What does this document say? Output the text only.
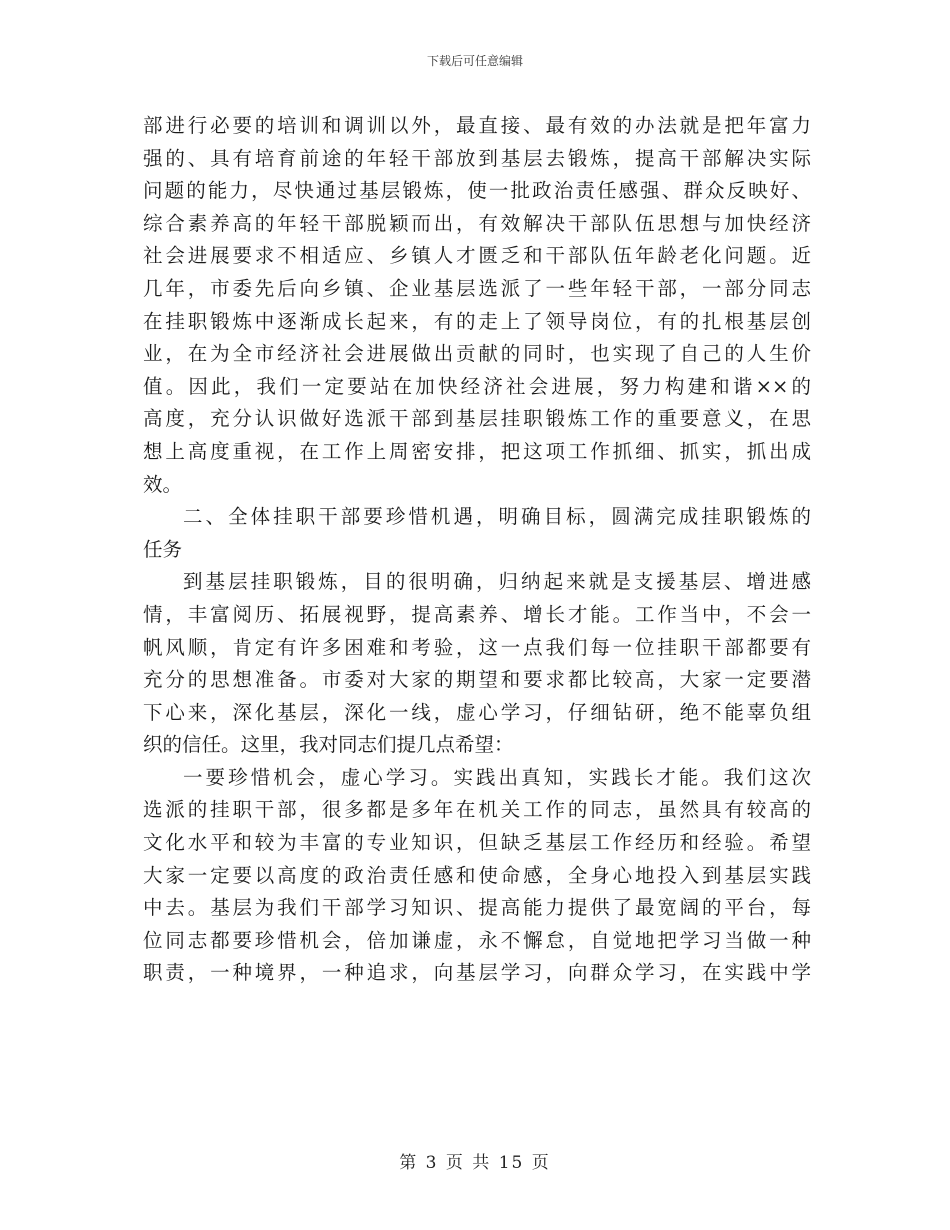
下载后可任意编辑
部进行必要的培训和调训以外，最直接、最有效的办法就是把年富力
强的、具有培育前途的年轻干部放到基层去锻炼，提高干部解决实际
问题的能力，尽快通过基层锻炼，使一批政治责任感强、群众反映好、
综合素养高的年轻干部脱颖而出，有效解决干部队伍思想与加快经济
社会进展要求不相适应、乡镇人才匮乏和干部队伍年龄老化问题。近
几年，市委先后向乡镇、企业基层选派了一些年轻干部，一部分同志
在挂职锻炼中逐渐成长起来，有的走上了领导岗位，有的扎根基层创
业，在为全市经济社会进展做出贡献的同时，也实现了自己的人生价
值。因此，我们一定要站在加快经济社会进展，努力构建和谐××的
高度，充分认识做好选派干部到基层挂职锻炼工作的重要意义，在思
想上高度重视，在工作上周密安排，把这项工作抓细、抓实，抓出成
效。
二、全体挂职干部要珍惜机遇，明确目标，圆满完成挂职锻炼的
任务
到基层挂职锻炼，目的很明确，归纳起来就是支援基层、增进感
情，丰富阅历、拓展视野，提高素养、增长才能。工作当中，不会一
帆风顺，肯定有许多困难和考验，这一点我们每一位挂职干部都要有
充分的思想准备。市委对大家的期望和要求都比较高，大家一定要潜
下心来，深化基层，深化一线，虚心学习，仔细钻研，绝不能辜负组
织的信任。这里，我对同志们提几点希望：
一要珍惜机会，虚心学习。实践出真知，实践长才能。我们这次
选派的挂职干部，很多都是多年在机关工作的同志，虽然具有较高的
文化水平和较为丰富的专业知识，但缺乏基层工作经历和经验。希望
大家一定要以高度的政治责任感和使命感，全身心地投入到基层实践
中去。基层为我们干部学习知识、提高能力提供了最宽阔的平台，每
位同志都要珍惜机会，倍加谦虚，永不懈怠，自觉地把学习当做一种
职责，一种境界，一种追求，向基层学习，向群众学习，在实践中学
第 3 页 共 15 页
